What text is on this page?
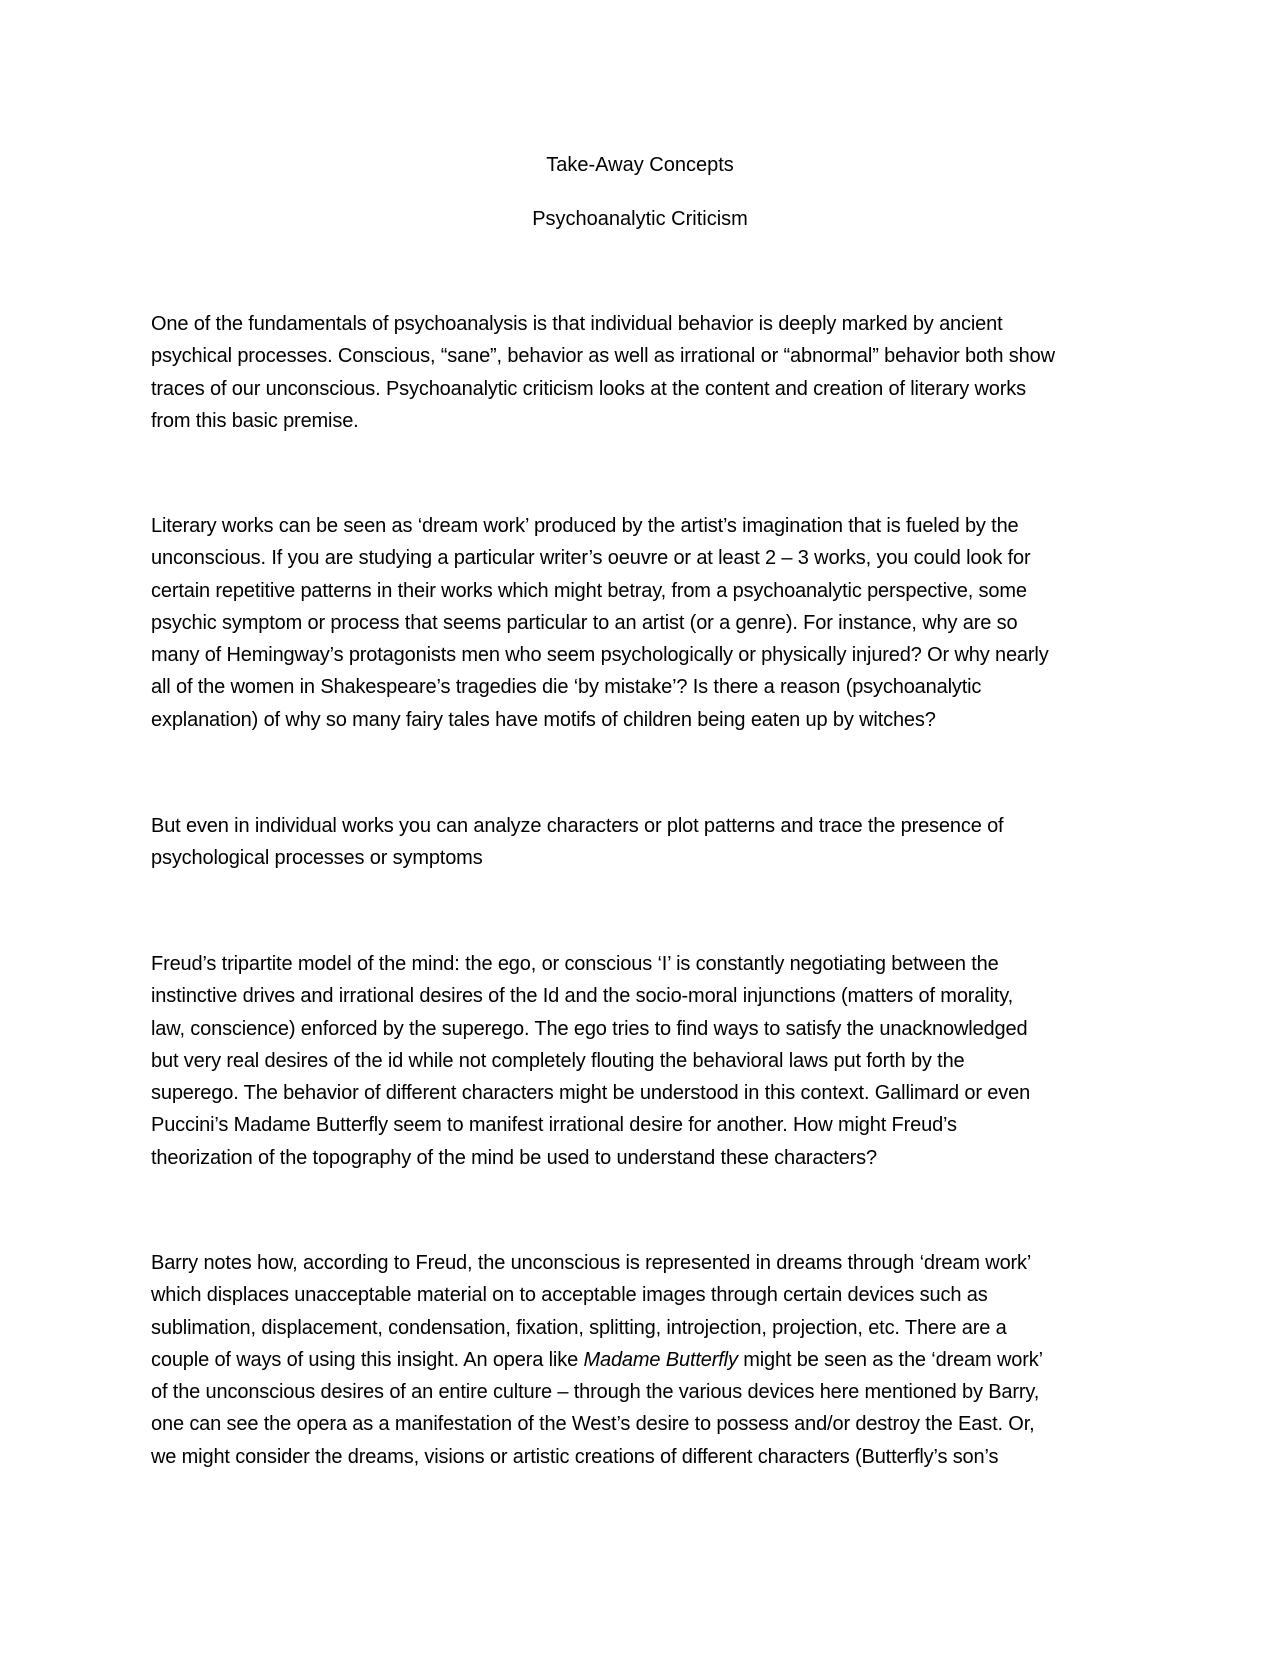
Take-Away Concepts

Psychoanalytic Criticism

One of the fundamentals of psychoanalysis is that individual behavior is deeply marked by ancient
psychical processes. Conscious, “sane”, behavior as well as irrational or “abnormal” behavior both show
traces of our unconscious. Psychoanalytic criticism looks at the content and creation of literary works
from this basic premise.

Literary works can be seen as ‘dream work’ produced by the artist’s imagination that is fueled by the
unconscious. If you are studying a particular writer’s oeuvre or at least 2 – 3 works, you could look for
certain repetitive patterns in their works which might betray, from a psychoanalytic perspective, some
psychic symptom or process that seems particular to an artist (or a genre). For instance, why are so
many of Hemingway’s protagonists men who seem psychologically or physically injured? Or why nearly
all of the women in Shakespeare’s tragedies die ‘by mistake’? Is there a reason (psychoanalytic
explanation) of why so many fairy tales have motifs of children being eaten up by witches?

But even in individual works you can analyze characters or plot patterns and trace the presence of
psychological processes or symptoms

Freud’s tripartite model of the mind: the ego, or conscious ‘I’ is constantly negotiating between the
instinctive drives and irrational desires of the Id and the socio-moral injunctions (matters of morality,
law, conscience) enforced by the superego. The ego tries to find ways to satisfy the unacknowledged
but very real desires of the id while not completely flouting the behavioral laws put forth by the
superego. The behavior of different characters might be understood in this context. Gallimard or even
Puccini’s Madame Butterfly seem to manifest irrational desire for another. How might Freud’s
theorization of the topography of the mind be used to understand these characters?

Barry notes how, according to Freud, the unconscious is represented in dreams through ‘dream work’
which displaces unacceptable material on to acceptable images through certain devices such as
sublimation, displacement, condensation, fixation, splitting, introjection, projection, etc. There are a
couple of ways of using this insight. An opera like Madame Butterfly might be seen as the ‘dream work’
of the unconscious desires of an entire culture – through the various devices here mentioned by Barry,
one can see the opera as a manifestation of the West’s desire to possess and/or destroy the East. Or,
we might consider the dreams, visions or artistic creations of different characters (Butterfly’s son’s
